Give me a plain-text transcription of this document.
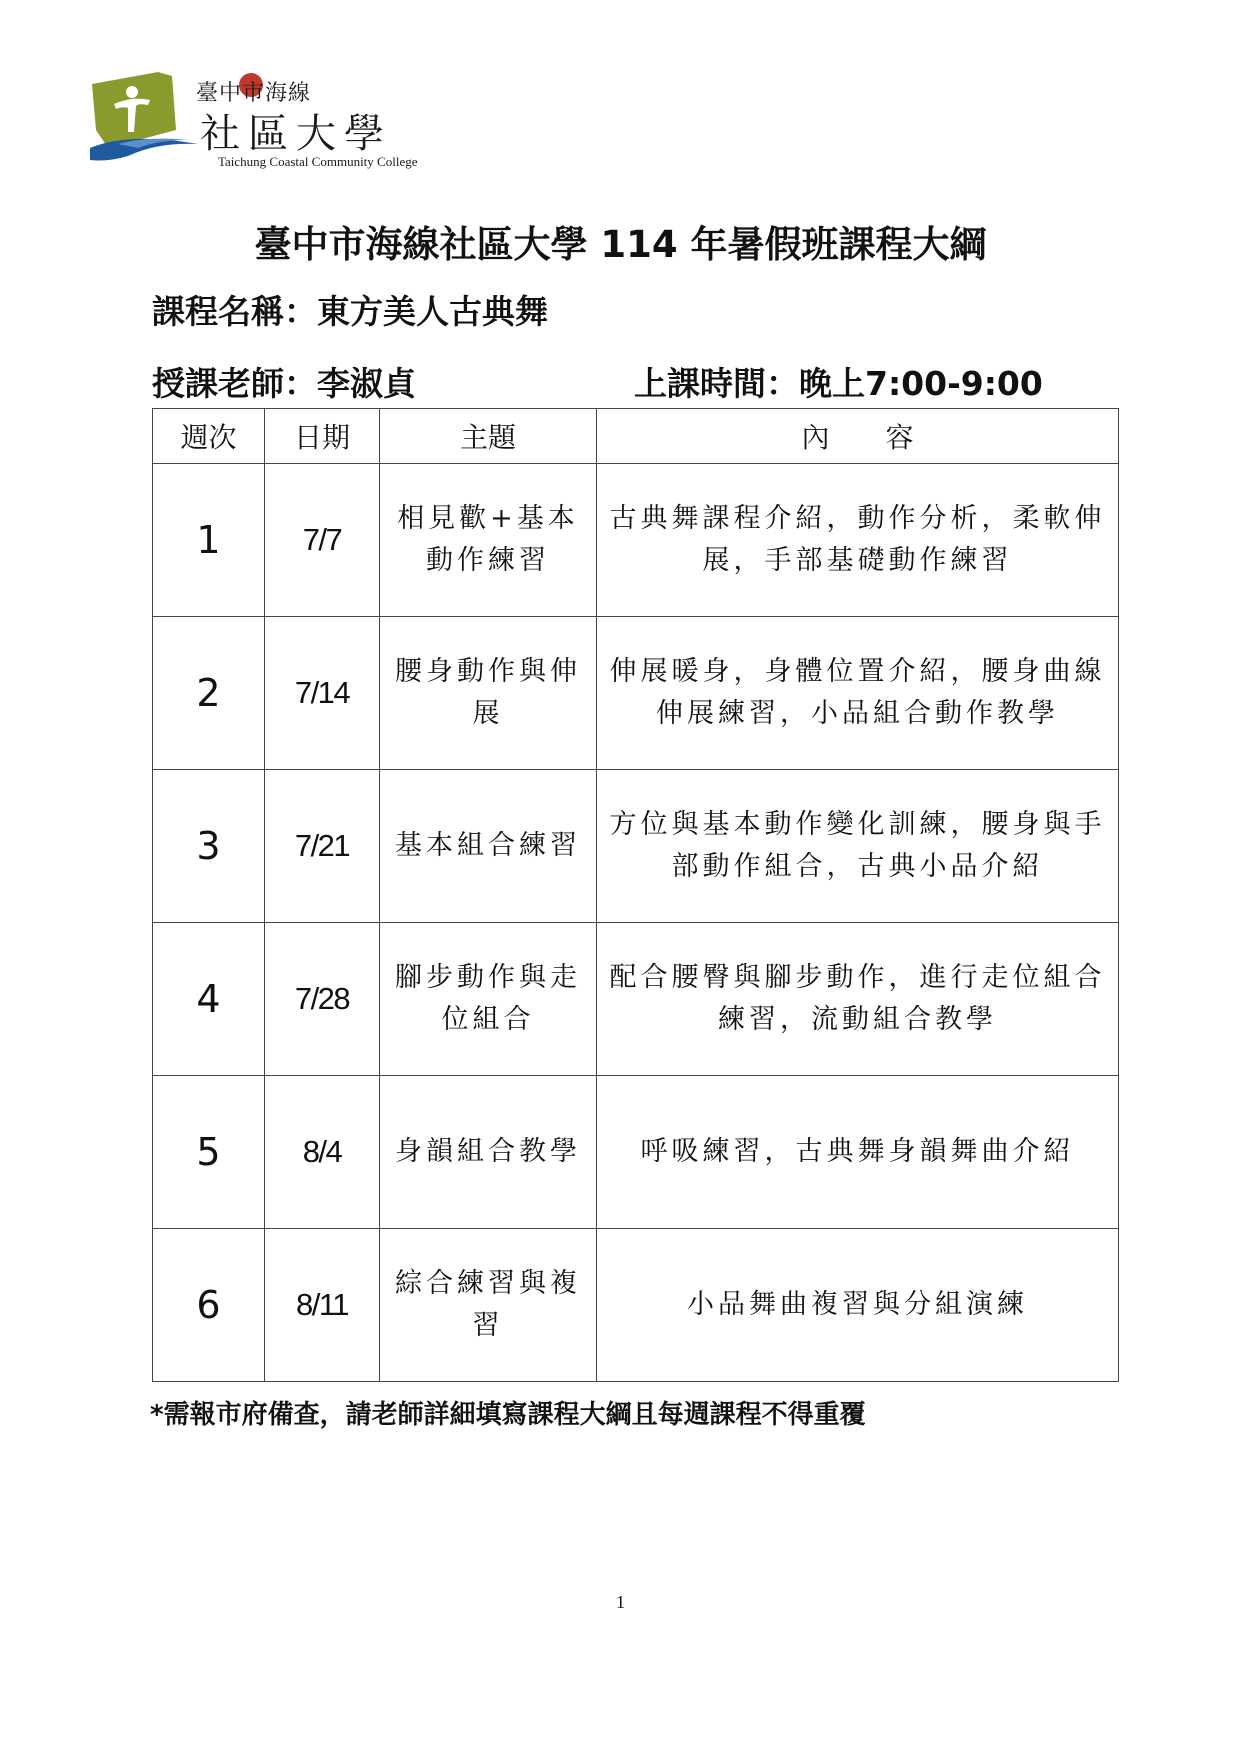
臺中市海線
社區大學
Taichung Coastal Community College
臺中市海線社區大學 114 年暑假班課程大綱
課程名稱：東方美人古典舞
授課老師：李淑貞	上課時間：晚上7:00-9:00
週次	日期	主題	內　　容
1	7/7	相見歡+基本動作練習	古典舞課程介紹，動作分析，柔軟伸展，手部基礎動作練習
2	7/14	腰身動作與伸展	伸展暖身，身體位置介紹，腰身曲線伸展練習，小品組合動作教學
3	7/21	基本組合練習	方位與基本動作變化訓練，腰身與手部動作組合，古典小品介紹
4	7/28	腳步動作與走位組合	配合腰臀與腳步動作，進行走位組合練習，流動組合教學
5	8/4	身韻組合教學	呼吸練習，古典舞身韻舞曲介紹
6	8/11	綜合練習與複習	小品舞曲複習與分組演練
*需報市府備查，請老師詳細填寫課程大綱且每週課程不得重覆
1
